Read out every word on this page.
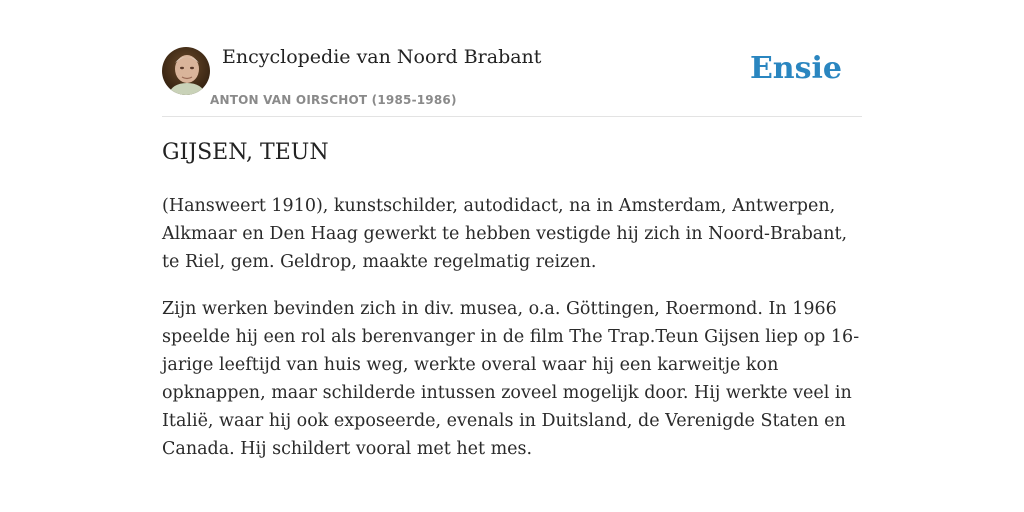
Encyclopedie van Noord Brabant
ANTON VAN OIRSCHOT (1985-1986)
Ensie
GIJSEN, TEUN

(Hansweert 1910), kunstschilder, autodidact, na in Amsterdam, Antwerpen, Alkmaar en Den Haag gewerkt te hebben vestigde hij zich in Noord-Brabant, te Riel, gem. Geldrop, maakte regelmatig reizen.

Zijn werken bevinden zich in div. musea, o.a. Göttingen, Roermond. In 1966 speelde hij een rol als berenvanger in de film The Trap.Teun Gijsen liep op 16-jarige leeftijd van huis weg, werkte overal waar hij een karweitje kon opknappen, maar schilderde intussen zoveel mogelijk door. Hij werkte veel in Italië, waar hij ook exposeerde, evenals in Duitsland, de Verenigde Staten en Canada. Hij schildert vooral met het mes.
